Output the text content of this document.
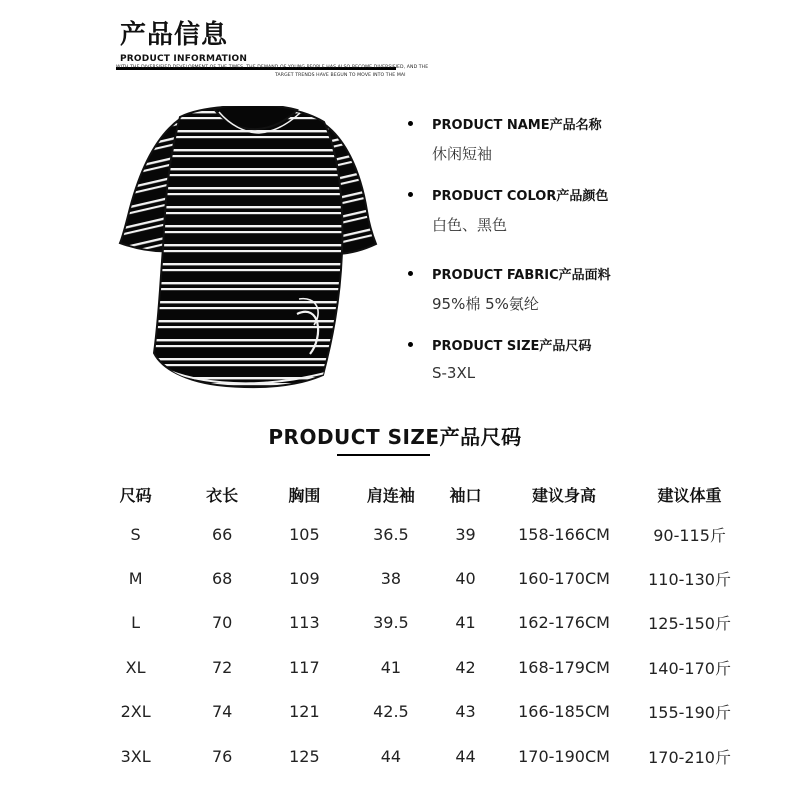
产品信息
PRODUCT INFORMATION
WITH THE DIVERSIFIED DEVELOPMENT OF THE TIMES, THE DEMAND OF YOUNG PEOPLE HAS ALSO BECOME DIVERSIFIED, AND THE
TARGET TRENDS HAVE BEGUN TO MOVE INTO THE MAI
PRODUCT NAME产品名称
休闲短袖
PRODUCT COLOR产品颜色
白色、黑色
PRODUCT FABRIC产品面料
95%棉 5%氨纶
PRODUCT SIZE产品尺码
S-3XL
PRODUCT SIZE产品尺码
尺码	衣长	胸围	肩连袖	袖口	建议身高	建议体重
S	66	105	36.5	39	158-166CM	90-115斤
M	68	109	38	40	160-170CM	110-130斤
L	70	113	39.5	41	162-176CM	125-150斤
XL	72	117	41	42	168-179CM	140-170斤
2XL	74	121	42.5	43	166-185CM	155-190斤
3XL	76	125	44	44	170-190CM	170-210斤
